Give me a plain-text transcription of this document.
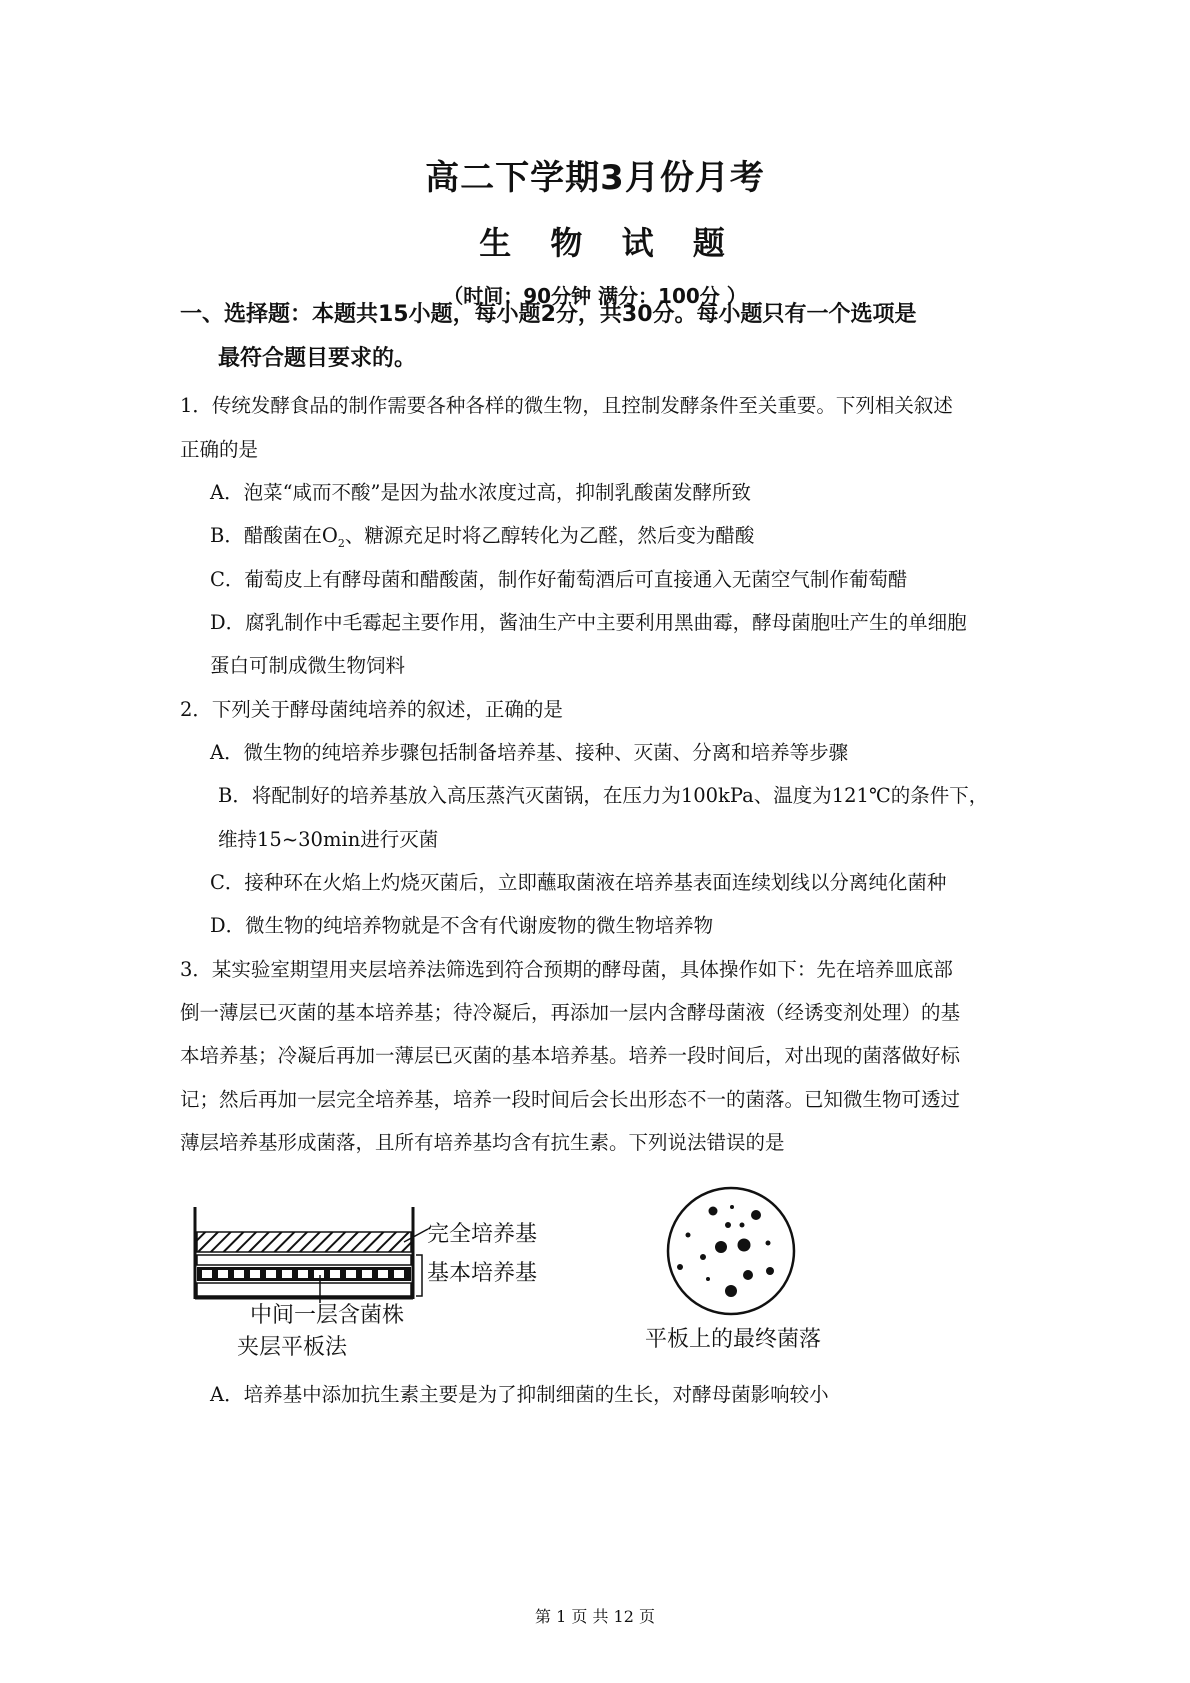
高二下学期3月份月考
生 物 试 题
（时间：90分钟 满分：100分 ）
一、选择题：本题共15小题，每小题2分，共30分。每小题只有一个选项是
最符合题目要求的。
1．传统发酵食品的制作需要各种各样的微生物，且控制发酵条件至关重要。下列相关叙述
正确的是
A．泡菜“咸而不酸”是因为盐水浓度过高，抑制乳酸菌发酵所致
B．醋酸菌在$O_2$、糖源充足时将乙醇转化为乙醛，然后变为醋酸
C．葡萄皮上有酵母菌和醋酸菌，制作好葡萄酒后可直接通入无菌空气制作葡萄醋
D．腐乳制作中毛霉起主要作用，酱油生产中主要利用黑曲霉，酵母菌胞吐产生的单细胞
蛋白可制成微生物饲料
2．下列关于酵母菌纯培养的叙述，正确的是
A．微生物的纯培养步骤包括制备培养基、接种、灭菌、分离和培养等步骤
B．将配制好的培养基放入高压蒸汽灭菌锅，在压力为100kPa、温度为121℃的条件下，
维持15~30min进行灭菌
C．接种环在火焰上灼烧灭菌后，立即蘸取菌液在培养基表面连续划线以分离纯化菌种
D．微生物的纯培养物就是不含有代谢废物的微生物培养物
3．某实验室期望用夹层培养法筛选到符合预期的酵母菌，具体操作如下：先在培养皿底部
倒一薄层已灭菌的基本培养基；待冷凝后，再添加一层内含酵母菌液（经诱变剂处理）的基
本培养基；冷凝后再加一薄层已灭菌的基本培养基。培养一段时间后，对出现的菌落做好标
记；然后再加一层完全培养基，培养一段时间后会长出形态不一的菌落。已知微生物可透过
薄层培养基形成菌落，且所有培养基均含有抗生素。下列说法错误的是
完全培养基
基本培养基
中间一层含菌株
夹层平板法	平板上的最终菌落
A．培养基中添加抗生素主要是为了抑制细菌的生长，对酵母菌影响较小
第 1 页 共 12 页
